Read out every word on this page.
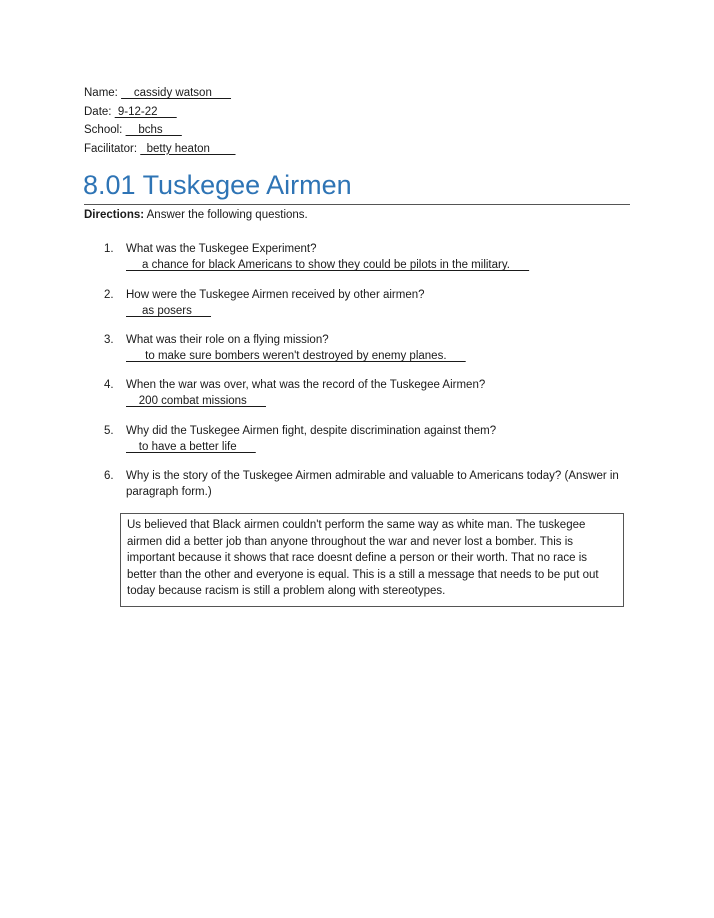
Name:     cassidy watson
Date:  9-12-22
School:     bchs
Facilitator:   betty heaton
8.01 Tuskegee Airmen
Directions: Answer the following questions.
1.	What was the Tuskegee Experiment?
a chance for black Americans to show they could be pilots in the military.
2.	How were the Tuskegee Airmen received by other airmen?
as posers
3.	What was their role on a flying mission?
to make sure bombers weren't destroyed by enemy planes.
4.	When the war was over, what was the record of the Tuskegee Airmen?
200 combat missions
5.	Why did the Tuskegee Airmen fight, despite discrimination against them?
to have a better life
6.	Why is the story of the Tuskegee Airmen admirable and valuable to Americans today? (Answer in paragraph form.)
Us believed that Black airmen couldn't perform the same way as white man. The tuskegee airmen did a better job than anyone throughout the war and never lost a bomber. This is important because it shows that race doesnt define a person or their worth. That no race is better than the other and everyone is equal. This is a still a message that needs to be put out today because racism is still a problem along with stereotypes.
